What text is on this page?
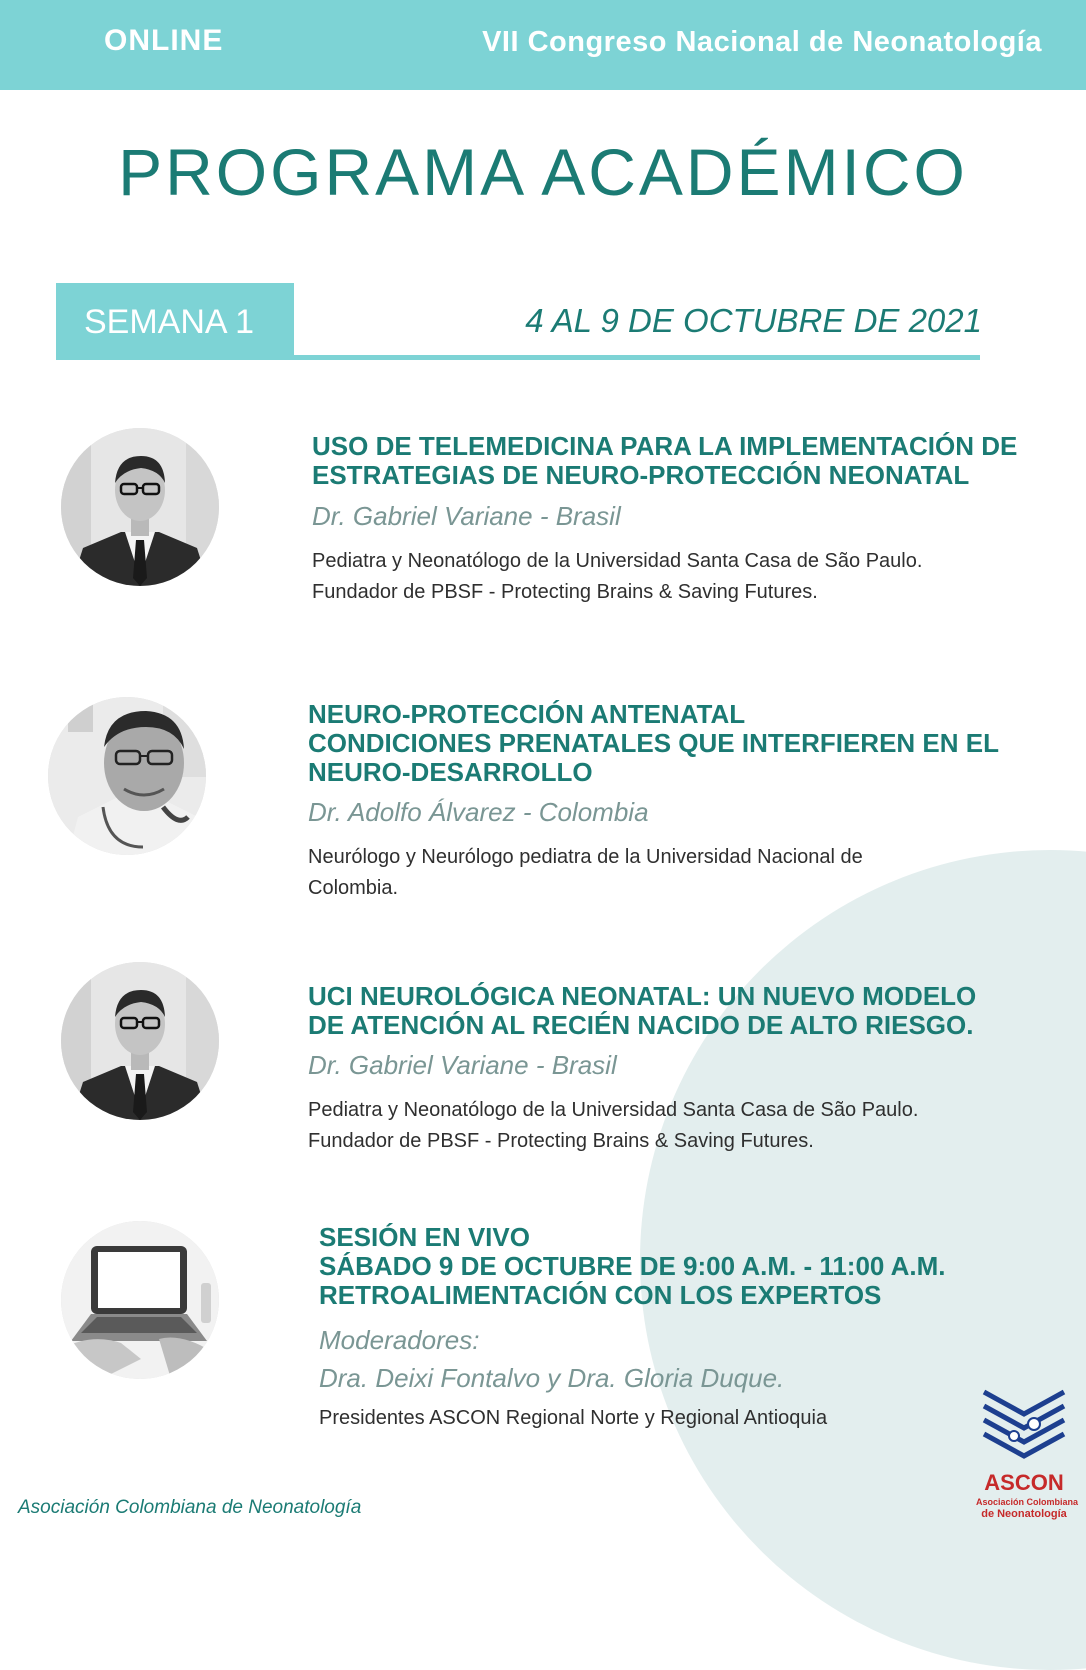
ONLINE	VII Congreso Nacional de Neonatología
PROGRAMA ACADÉMICO
SEMANA 1	4 AL 9 DE OCTUBRE DE 2021
USO DE TELEMEDICINA PARA LA IMPLEMENTACIÓN DE
ESTRATEGIAS DE NEURO-PROTECCIÓN NEONATAL
Dr. Gabriel Variane - Brasil
Pediatra y Neonatólogo de la Universidad Santa Casa de São Paulo.
Fundador de PBSF - Protecting Brains & Saving Futures.
NEURO-PROTECCIÓN ANTENATAL
CONDICIONES PRENATALES QUE INTERFIEREN EN EL
NEURO-DESARROLLO
Dr. Adolfo Álvarez - Colombia
Neurólogo y Neurólogo pediatra de la Universidad Nacional de
Colombia.
UCI NEUROLÓGICA NEONATAL: UN NUEVO MODELO
DE ATENCIÓN AL RECIÉN NACIDO DE ALTO RIESGO.
Dr. Gabriel Variane - Brasil
Pediatra y Neonatólogo de la Universidad Santa Casa de São Paulo.
Fundador de PBSF - Protecting Brains & Saving Futures.
SESIÓN EN VIVO
SÁBADO 9 DE OCTUBRE DE 9:00 A.M. - 11:00 A.M.
RETROALIMENTACIÓN CON LOS EXPERTOS
Moderadores:
Dra. Deixi Fontalvo y Dra. Gloria Duque.
Presidentes ASCON Regional Norte y Regional Antioquia
Asociación Colombiana de Neonatología
ASCON
Asociación Colombiana
de Neonatología
